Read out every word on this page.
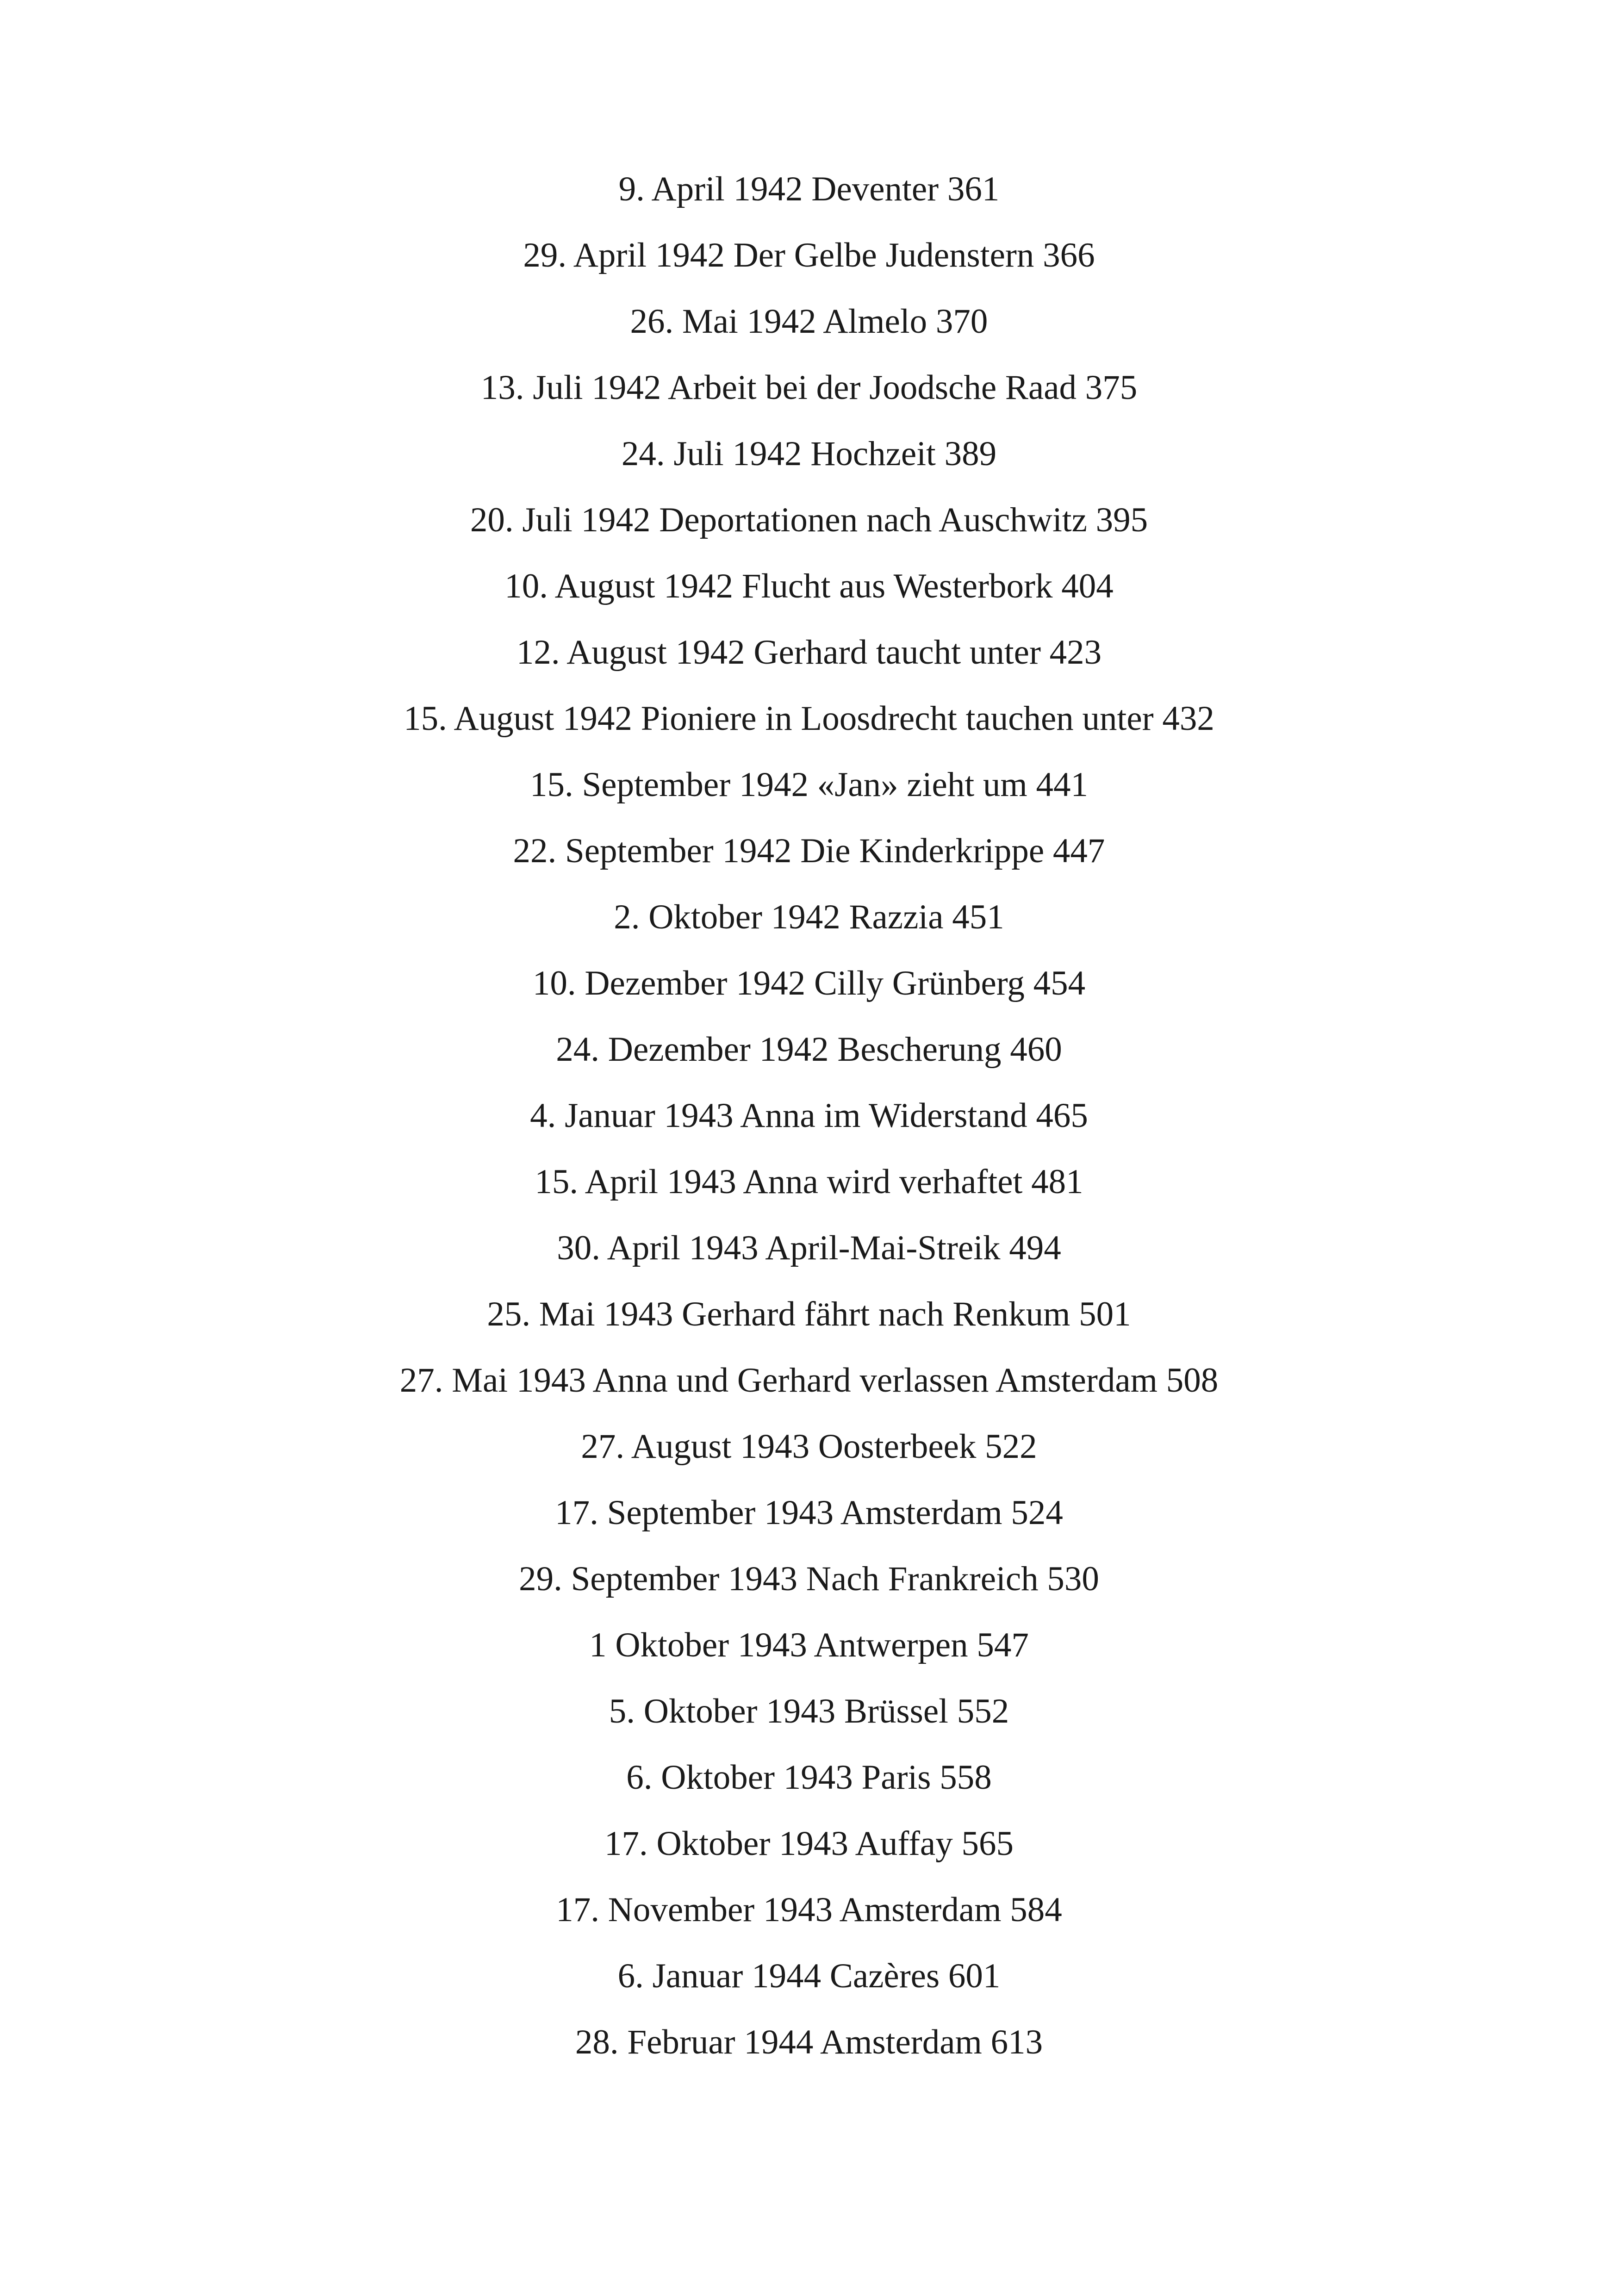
9. April 1942 Deventer 361
29. April 1942 Der Gelbe Judenstern 366
26. Mai 1942 Almelo 370
13. Juli 1942 Arbeit bei der Joodsche Raad 375
24. Juli 1942 Hochzeit 389
20. Juli 1942 Deportationen nach Auschwitz 395
10. August 1942 Flucht aus Westerbork 404
12. August 1942 Gerhard taucht unter 423
15. August 1942 Pioniere in Loosdrecht tauchen unter 432
15. September 1942 «Jan» zieht um 441
22. September 1942 Die Kinderkrippe 447
2. Oktober 1942 Razzia 451
10. Dezember 1942 Cilly Grünberg 454
24. Dezember 1942 Bescherung 460
4. Januar 1943 Anna im Widerstand 465
15. April 1943 Anna wird verhaftet 481
30. April 1943 April-Mai-Streik 494
25. Mai 1943 Gerhard fährt nach Renkum 501
27. Mai 1943 Anna und Gerhard verlassen Amsterdam 508
27. August 1943 Oosterbeek 522
17. September 1943 Amsterdam 524
29. September 1943 Nach Frankreich 530
1 Oktober 1943 Antwerpen 547
5. Oktober 1943 Brüssel 552
6. Oktober 1943 Paris 558
17. Oktober 1943 Auffay 565
17. November 1943 Amsterdam 584
6. Januar 1944 Cazères 601
28. Februar 1944 Amsterdam 613
